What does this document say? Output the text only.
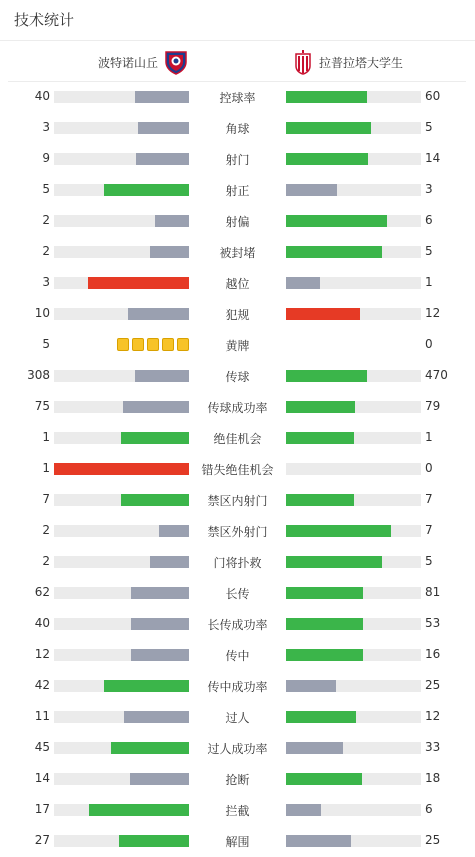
技术统计
波特诺山丘	拉普拉塔大学生
40	控球率	60
3	角球	5
9	射门	14
5	射正	3
2	射偏	6
2	被封堵	5
3	越位	1
10	犯规	12
5	黄牌	0
308	传球	470
75	传球成功率	79
1	绝佳机会	1
1	错失绝佳机会	0
7	禁区内射门	7
2	禁区外射门	7
2	门将扑救	5
62	长传	81
40	长传成功率	53
12	传中	16
42	传中成功率	25
11	过人	12
45	过人成功率	33
14	抢断	18
17	拦截	6
27	解围	25
